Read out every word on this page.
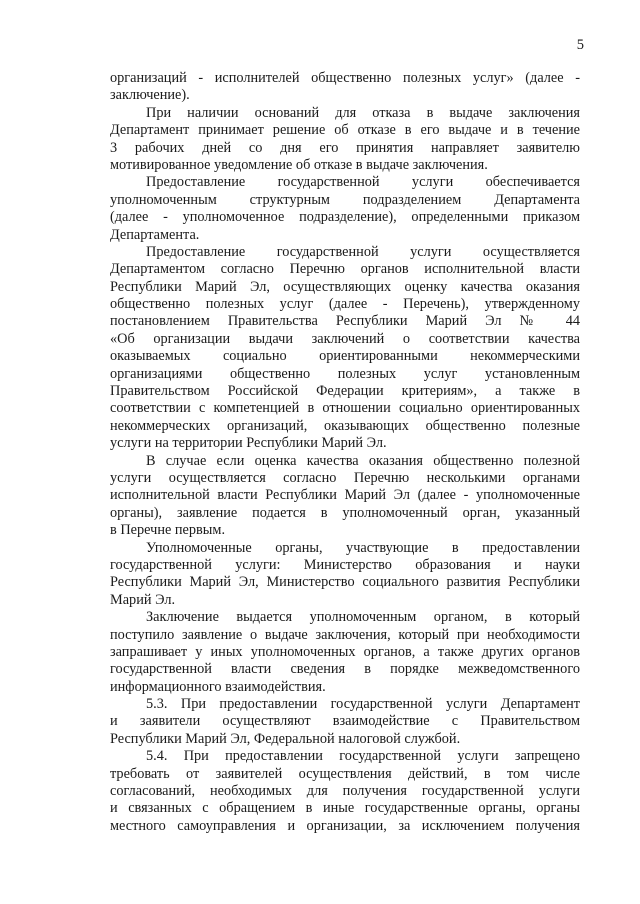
5
организаций - исполнителей общественно полезных услуг» (далее -
заключение).
При наличии оснований для отказа в выдаче заключения
Департамент принимает решение об отказе в его выдаче и в течение
3 рабочих дней со дня его принятия направляет заявителю
мотивированное уведомление об отказе в выдаче заключения.
Предоставление государственной услуги обеспечивается
уполномоченным структурным подразделением Департамента
(далее - уполномоченное подразделение), определенными приказом
Департамента.
Предоставление государственной услуги осуществляется
Департаментом согласно Перечню органов исполнительной власти
Республики Марий Эл, осуществляющих оценку качества оказания
общественно полезных услуг (далее - Перечень), утвержденному
постановлением Правительства Республики Марий Эл № 44
«Об организации выдачи заключений о соответствии качества
оказываемых социально ориентированными некоммерческими
организациями общественно полезных услуг установленным
Правительством Российской Федерации критериям», а также в
соответствии с компетенцией в отношении социально ориентированных
некоммерческих организаций, оказывающих общественно полезные
услуги на территории Республики Марий Эл.
В случае если оценка качества оказания общественно полезной
услуги осуществляется согласно Перечню несколькими органами
исполнительной власти Республики Марий Эл (далее - уполномоченные
органы), заявление подается в уполномоченный орган, указанный
в Перечне первым.
Уполномоченные органы, участвующие в предоставлении
государственной услуги: Министерство образования и науки
Республики Марий Эл, Министерство социального развития Республики
Марий Эл.
Заключение выдается уполномоченным органом, в который
поступило заявление о выдаче заключения, который при необходимости
запрашивает у иных уполномоченных органов, а также других органов
государственной власти сведения в порядке межведомственного
информационного взаимодействия.
5.3. При предоставлении государственной услуги Департамент
и заявители осуществляют взаимодействие с Правительством
Республики Марий Эл, Федеральной налоговой службой.
5.4. При предоставлении государственной услуги запрещено
требовать от заявителей осуществления действий, в том числе
согласований, необходимых для получения государственной услуги
и связанных с обращением в иные государственные органы, органы
местного самоуправления и организации, за исключением получения
